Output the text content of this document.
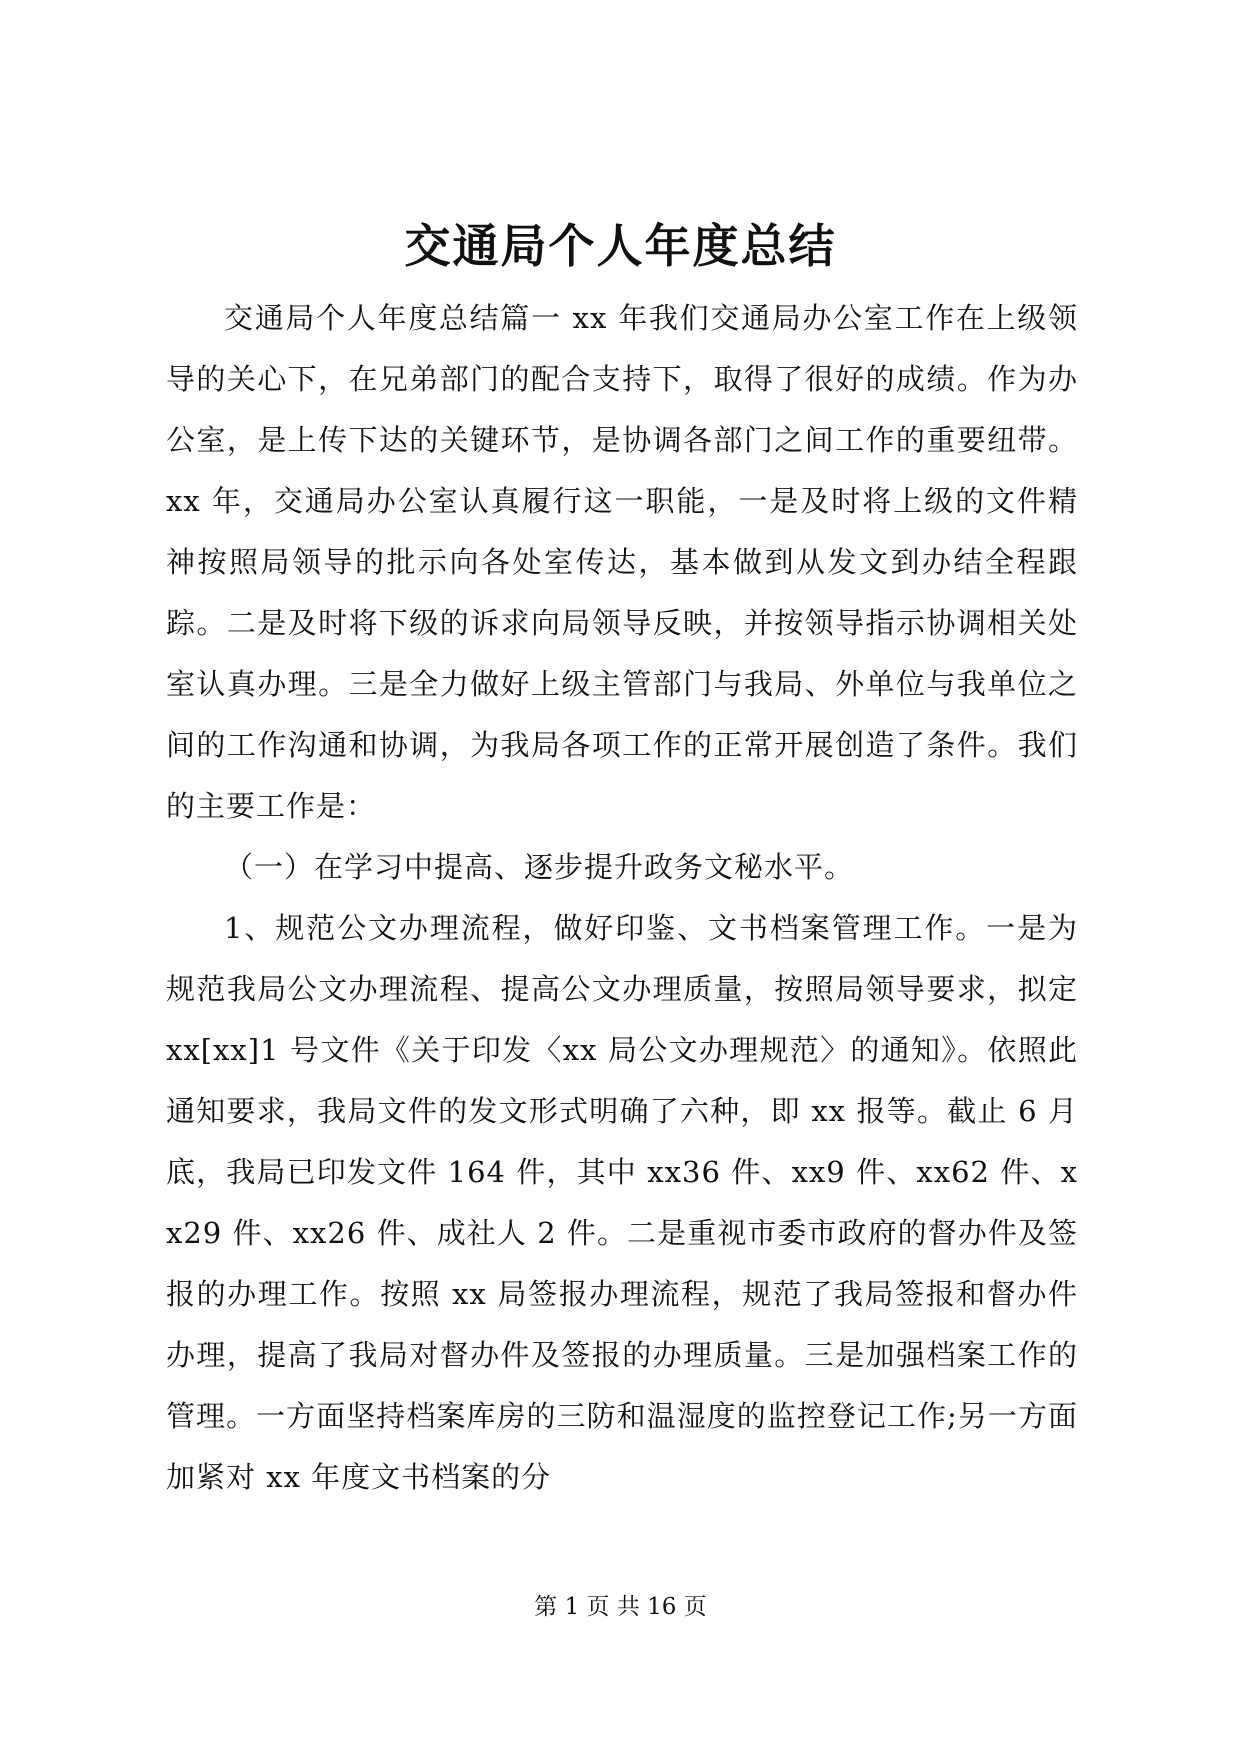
交通局个人年度总结

交通局个人年度总结篇一 xx 年我们交通局办公室工作在上级领导的关心下，在兄弟部门的配合支持下，取得了很好的成绩。作为办公室，是上传下达的关键环节，是协调各部门之间工作的重要纽带。xx 年，交通局办公室认真履行这一职能，一是及时将上级的文件精神按照局领导的批示向各处室传达，基本做到从发文到办结全程跟踪。二是及时将下级的诉求向局领导反映，并按领导指示协调相关处室认真办理。三是全力做好上级主管部门与我局、外单位与我单位之间的工作沟通和协调，为我局各项工作的正常开展创造了条件。我们的主要工作是：

（一）在学习中提高、逐步提升政务文秘水平。

1、规范公文办理流程，做好印鉴、文书档案管理工作。一是为规范我局公文办理流程、提高公文办理质量，按照局领导要求，拟定 xx[xx]1 号文件《关于印发〈xx 局公文办理规范〉的通知》。依照此通知要求，我局文件的发文形式明确了六种，即 xx 报等。截止 6 月底，我局已印发文件 164 件，其中 xx36 件、xx9 件、xx62 件、xx29 件、xx26 件、成社人 2 件。二是重视市委市政府的督办件及签报的办理工作。按照 xx 局签报办理流程，规范了我局签报和督办件办理，提高了我局对督办件及签报的办理质量。三是加强档案工作的管理。一方面坚持档案库房的三防和温湿度的监控登记工作;另一方面加紧对 xx 年度文书档案的分

第 1 页 共 16 页
